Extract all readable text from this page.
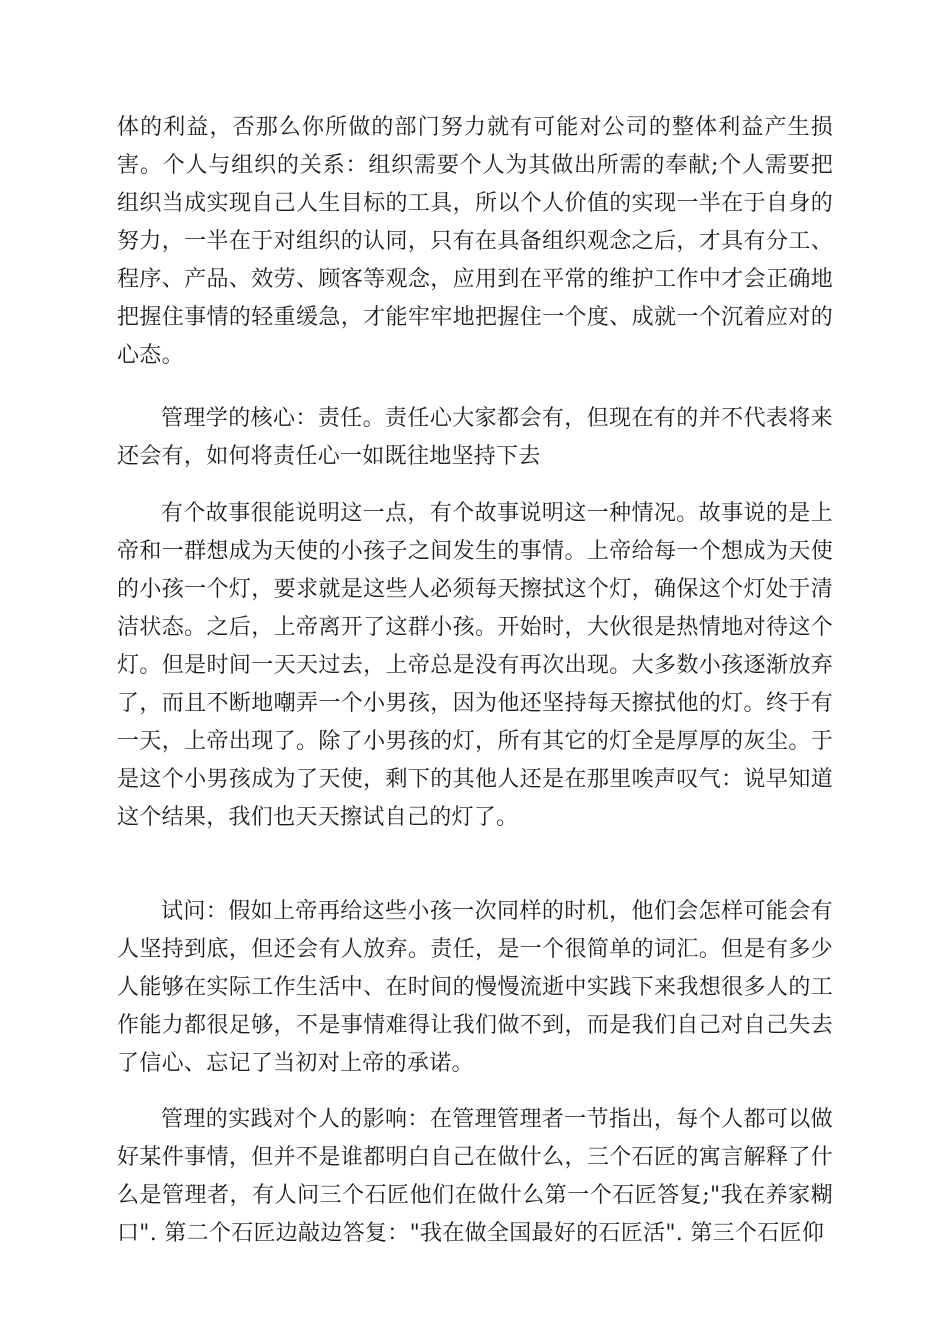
体的利益，否那么你所做的部门努力就有可能对公司的整体利益产生损害。个人与组织的关系：组织需要个人为其做出所需的奉献;个人需要把组织当成实现自己人生目标的工具，所以个人价值的实现一半在于自身的努力，一半在于对组织的认同，只有在具备组织观念之后，才具有分工、程序、产品、效劳、顾客等观念，应用到在平常的维护工作中才会正确地把握住事情的轻重缓急，才能牢牢地把握住一个度、成就一个沉着应对的心态。

管理学的核心：责任。责任心大家都会有，但现在有的并不代表将来还会有，如何将责任心一如既往地坚持下去

有个故事很能说明这一点，有个故事说明这一种情况。故事说的是上帝和一群想成为天使的小孩子之间发生的事情。上帝给每一个想成为天使的小孩一个灯，要求就是这些人必须每天擦拭这个灯，确保这个灯处于清洁状态。之后，上帝离开了这群小孩。开始时，大伙很是热情地对待这个灯。但是时间一天天过去，上帝总是没有再次出现。大多数小孩逐渐放弃了，而且不断地嘲弄一个小男孩，因为他还坚持每天擦拭他的灯。终于有一天，上帝出现了。除了小男孩的灯，所有其它的灯全是厚厚的灰尘。于是这个小男孩成为了天使，剩下的其他人还是在那里唉声叹气：说早知道这个结果，我们也天天擦试自己的灯了。

试问：假如上帝再给这些小孩一次同样的时机，他们会怎样可能会有人坚持到底，但还会有人放弃。责任，是一个很简单的词汇。但是有多少人能够在实际工作生活中、在时间的慢慢流逝中实践下来我想很多人的工作能力都很足够，不是事情难得让我们做不到，而是我们自己对自己失去了信心、忘记了当初对上帝的承诺。

管理的实践对个人的影响：在管理管理者一节指出，每个人都可以做好某件事情，但并不是谁都明白自己在做什么，三个石匠的寓言解释了什么是管理者，有人问三个石匠他们在做什么第一个石匠答复;"我在养家糊口". 第二个石匠边敲边答复："我在做全国最好的石匠活". 第三个石匠仰
